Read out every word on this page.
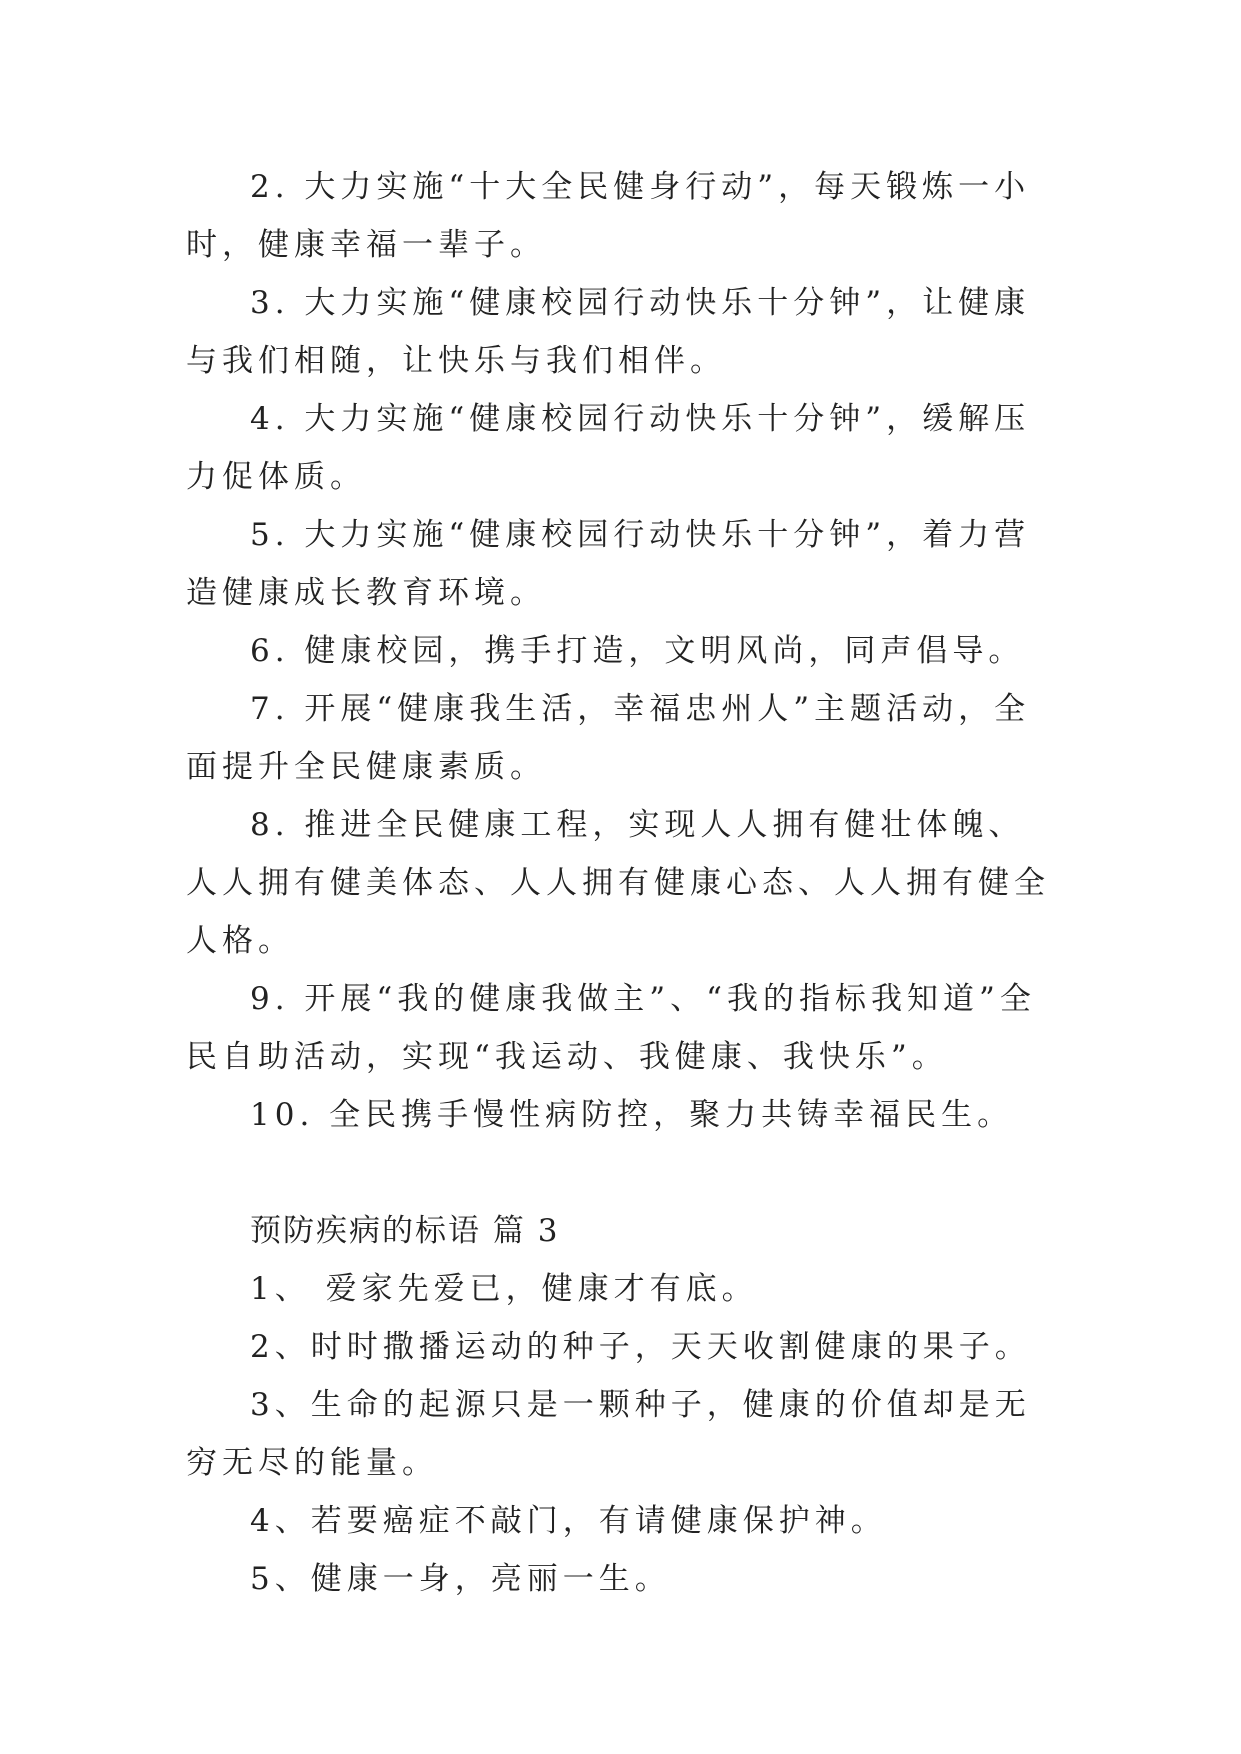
2. 大力实施“十大全民健身行动”，每天锻炼一小时，健康幸福一辈子。

3. 大力实施“健康校园行动快乐十分钟”，让健康与我们相随，让快乐与我们相伴。

4. 大力实施“健康校园行动快乐十分钟”，缓解压力促体质。

5. 大力实施“健康校园行动快乐十分钟”，着力营造健康成长教育环境。

6. 健康校园，携手打造，文明风尚，同声倡导。

7. 开展“健康我生活，幸福忠州人”主题活动，全面提升全民健康素质。

8. 推进全民健康工程，实现人人拥有健壮体魄、人人拥有健美体态、人人拥有健康心态、人人拥有健全人格。

9. 开展“我的健康我做主”、“我的指标我知道”全民自助活动，实现“我运动、我健康、我快乐”。

10. 全民携手慢性病防控，聚力共铸幸福民生。

预防疾病的标语 篇 3

1、 爱家先爱已，健康才有底。

2、时时撒播运动的种子，天天收割健康的果子。

3、生命的起源只是一颗种子，健康的价值却是无穷无尽的能量。

4、若要癌症不敲门，有请健康保护神。

5、健康一身，亮丽一生。
